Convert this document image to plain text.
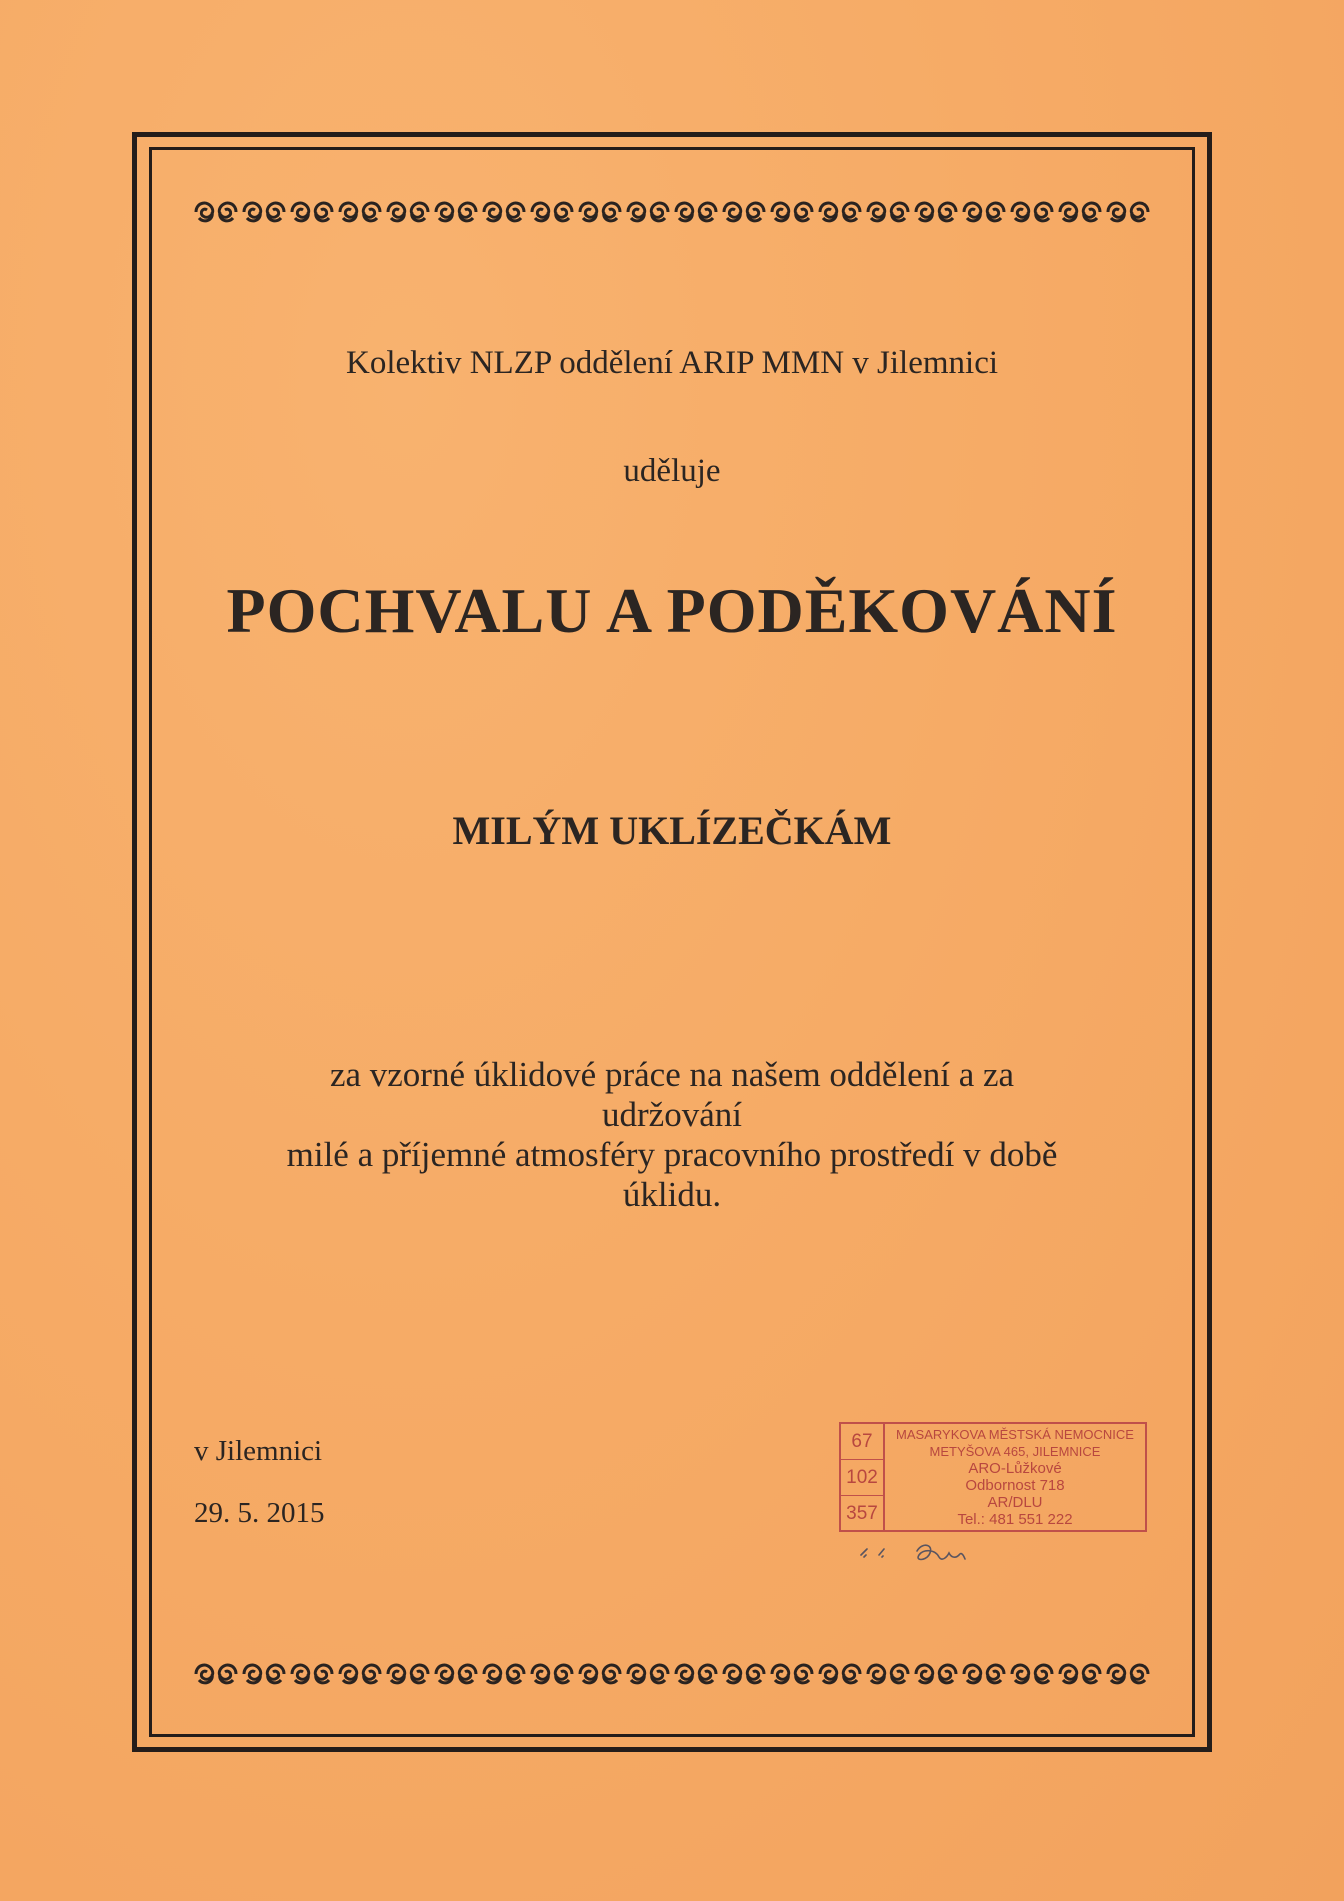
Kolektiv NLZP oddělení ARIP MMN v Jilemnici
uděluje
POCHVALU A PODĚKOVÁNÍ
MILÝM UKLÍZEČKÁM
za vzorné úklidové práce na našem oddělení a za udržování
milé a příjemné atmosféry pracovního prostředí v době
úklidu.
v Jilemnici
29. 5. 2015
67
102
357
MASARYKOVA MĚSTSKÁ NEMOCNICE
METYŠOVA 465, JILEMNICE
ARO-Lůžkové
Odbornost 718
AR/DLU
Tel.: 481 551 222
